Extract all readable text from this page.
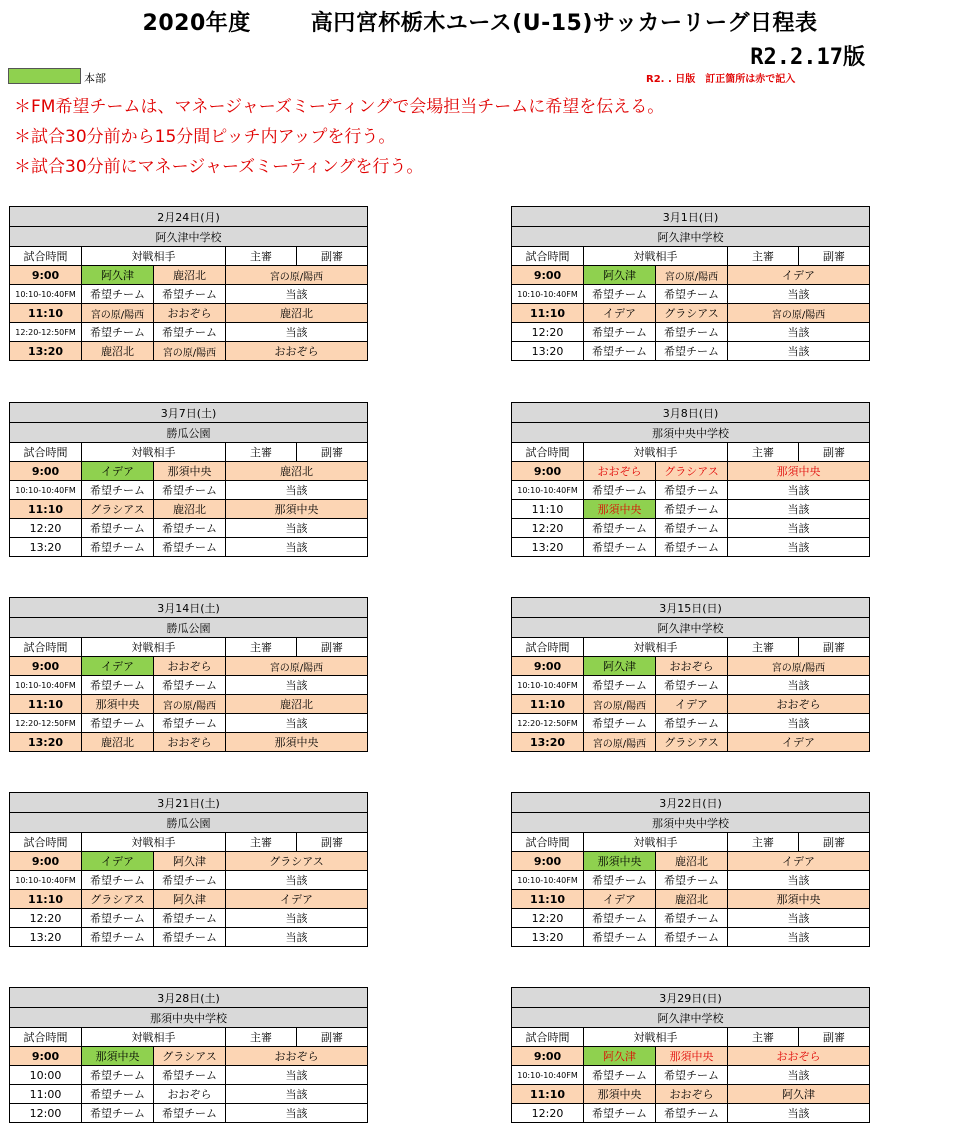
2020年度	高円宮杯栃木ユース(U-15)サッカーリーグ日程表
R2.2.17版
本部	R2. . 日版　訂正箇所は赤で記入
＊FM希望チームは、マネージャーズミーティングで会場担当チームに希望を伝える。
＊試合30分前から15分間ピッチ内アップを行う。
＊試合30分前にマネージャーズミーティングを行う。
2月24日(月)				
阿久津中学校				
試合時間	対戦相手		主審	副審
9:00	阿久津	鹿沼北	宮の原/陽西	
10:10-10:40FM	希望チーム	希望チーム	当該	
11:10	宮の原/陽西	おおぞら	鹿沼北	
12:20-12:50FM	希望チーム	希望チーム	当該	
13:20	鹿沼北	宮の原/陽西	おおぞら	
3月1日(日)				
阿久津中学校				
試合時間	対戦相手		主審	副審
9:00	阿久津	宮の原/陽西	イデア	
10:10-10:40FM	希望チーム	希望チーム	当該	
11:10	イデア	グラシアス	宮の原/陽西	
12:20	希望チーム	希望チーム	当該	
13:20	希望チーム	希望チーム	当該	
3月7日(土)				
勝瓜公園				
試合時間	対戦相手		主審	副審
9:00	イデア	那須中央	鹿沼北	
10:10-10:40FM	希望チーム	希望チーム	当該	
11:10	グラシアス	鹿沼北	那須中央	
12:20	希望チーム	希望チーム	当該	
13:20	希望チーム	希望チーム	当該	
3月8日(日)				
那須中央中学校				
試合時間	対戦相手		主審	副審
9:00	おおぞら	グラシアス	那須中央	
10:10-10:40FM	希望チーム	希望チーム	当該	
11:10	那須中央	希望チーム	当該	
12:20	希望チーム	希望チーム	当該	
13:20	希望チーム	希望チーム	当該	
3月14日(土)				
勝瓜公園				
試合時間	対戦相手		主審	副審
9:00	イデア	おおぞら	宮の原/陽西	
10:10-10:40FM	希望チーム	希望チーム	当該	
11:10	那須中央	宮の原/陽西	鹿沼北	
12:20-12:50FM	希望チーム	希望チーム	当該	
13:20	鹿沼北	おおぞら	那須中央	
3月15日(日)				
阿久津中学校				
試合時間	対戦相手		主審	副審
9:00	阿久津	おおぞら	宮の原/陽西	
10:10-10:40FM	希望チーム	希望チーム	当該	
11:10	宮の原/陽西	イデア	おおぞら	
12:20-12:50FM	希望チーム	希望チーム	当該	
13:20	宮の原/陽西	グラシアス	イデア	
3月21日(土)				
勝瓜公園				
試合時間	対戦相手		主審	副審
9:00	イデア	阿久津	グラシアス	
10:10-10:40FM	希望チーム	希望チーム	当該	
11:10	グラシアス	阿久津	イデア	
12:20	希望チーム	希望チーム	当該	
13:20	希望チーム	希望チーム	当該	
3月22日(日)				
那須中央中学校				
試合時間	対戦相手		主審	副審
9:00	那須中央	鹿沼北	イデア	
10:10-10:40FM	希望チーム	希望チーム	当該	
11:10	イデア	鹿沼北	那須中央	
12:20	希望チーム	希望チーム	当該	
13:20	希望チーム	希望チーム	当該	
3月28日(土)				
那須中央中学校				
試合時間	対戦相手		主審	副審
9:00	那須中央	グラシアス	おおぞら	
10:00	希望チーム	希望チーム	当該	
11:00	希望チーム	おおぞら	当該	
12:00	希望チーム	希望チーム	当該	
3月29日(日)				
阿久津中学校				
試合時間	対戦相手		主審	副審
9:00	阿久津	那須中央	おおぞら	
10:10-10:40FM	希望チーム	希望チーム	当該	
11:10	那須中央	おおぞら	阿久津	
12:20	希望チーム	希望チーム	当該	
